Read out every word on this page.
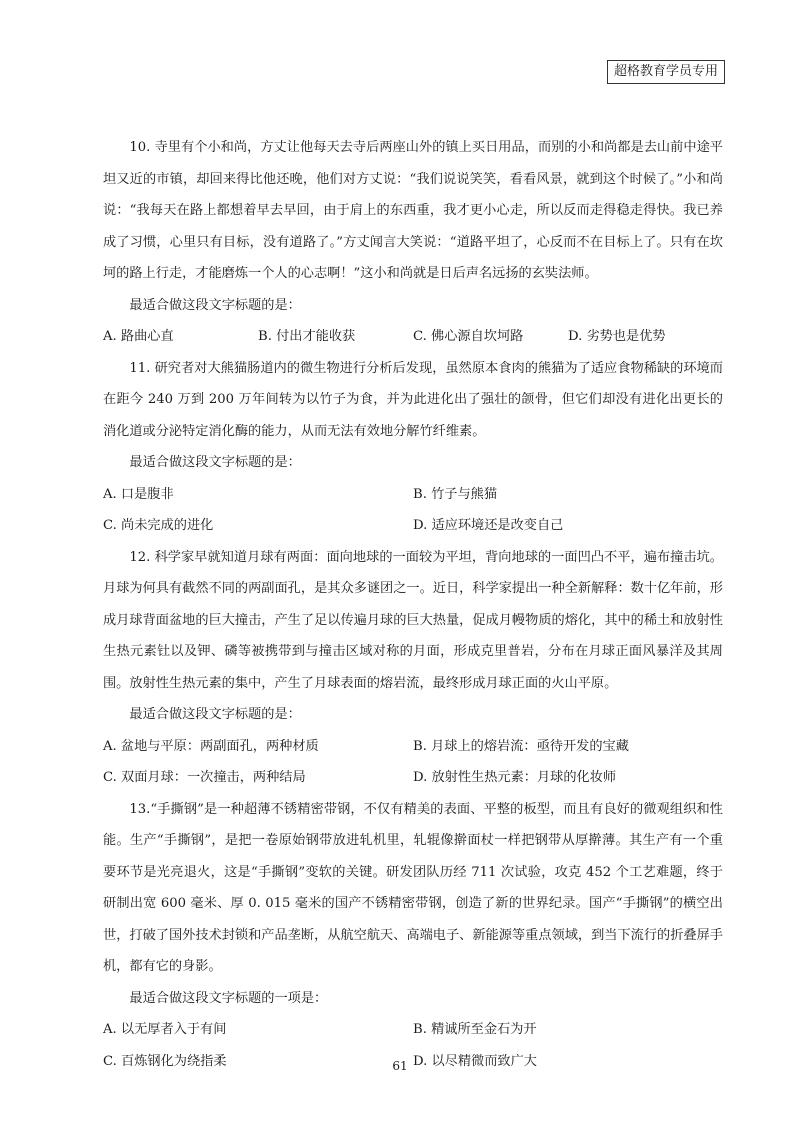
超格教育学员专用

10. 寺里有个小和尚，方丈让他每天去寺后两座山外的镇上买日用品，而别的小和尚都是去山前中途平坦又近的市镇，却回来得比他还晚，他们对方丈说：“我们说说笑笑，看看风景，就到这个时候了。”小和尚说：“我每天在路上都想着早去早回，由于肩上的东西重，我才更小心走，所以反而走得稳走得快。我已养成了习惯，心里只有目标，没有道路了。”方丈闻言大笑说：“道路平坦了，心反而不在目标上了。只有在坎坷的路上行走，才能磨炼一个人的心志啊！”这小和尚就是日后声名远扬的玄奘法师。

最适合做这段文字标题的是：

A. 路曲心直	B. 付出才能收获	C. 佛心源自坎坷路	D. 劣势也是优势

11. 研究者对大熊猫肠道内的微生物进行分析后发现，虽然原本食肉的熊猫为了适应食物稀缺的环境而在距今 240 万到 200 万年间转为以竹子为食，并为此进化出了强壮的颌骨，但它们却没有进化出更长的消化道或分泌特定消化酶的能力，从而无法有效地分解竹纤维素。

最适合做这段文字标题的是：

A. 口是腹非	B. 竹子与熊猫
C. 尚未完成的进化	D. 适应环境还是改变自己

12. 科学家早就知道月球有两面：面向地球的一面较为平坦，背向地球的一面凹凸不平，遍布撞击坑。月球为何具有截然不同的两副面孔，是其众多谜团之一。近日，科学家提出一种全新解释：数十亿年前，形成月球背面盆地的巨大撞击，产生了足以传遍月球的巨大热量，促成月幔物质的熔化，其中的稀土和放射性生热元素钍以及钾、磷等被携带到与撞击区域对称的月面，形成克里普岩，分布在月球正面风暴洋及其周围。放射性生热元素的集中，产生了月球表面的熔岩流，最终形成月球正面的火山平原。

最适合做这段文字标题的是：

A. 盆地与平原：两副面孔，两种材质	B. 月球上的熔岩流：亟待开发的宝藏
C. 双面月球：一次撞击，两种结局	D. 放射性生热元素：月球的化妆师

13.“手撕钢”是一种超薄不锈精密带钢，不仅有精美的表面、平整的板型，而且有良好的微观组织和性能。生产“手撕钢”，是把一卷原始钢带放进轧机里，轧辊像擀面杖一样把钢带从厚擀薄。其生产有一个重要环节是光亮退火，这是“手撕钢”变软的关键。研发团队历经 711 次试验，攻克 452 个工艺难题，终于研制出宽 600 毫米、厚 0. 015 毫米的国产不锈精密带钢，创造了新的世界纪录。国产“手撕钢”的横空出世，打破了国外技术封锁和产品垄断，从航空航天、高端电子、新能源等重点领域，到当下流行的折叠屏手机，都有它的身影。

最适合做这段文字标题的一项是：

A. 以无厚者入于有间	B. 精诚所至金石为开
C. 百炼钢化为绕指柔	D. 以尽精微而致广大
61
